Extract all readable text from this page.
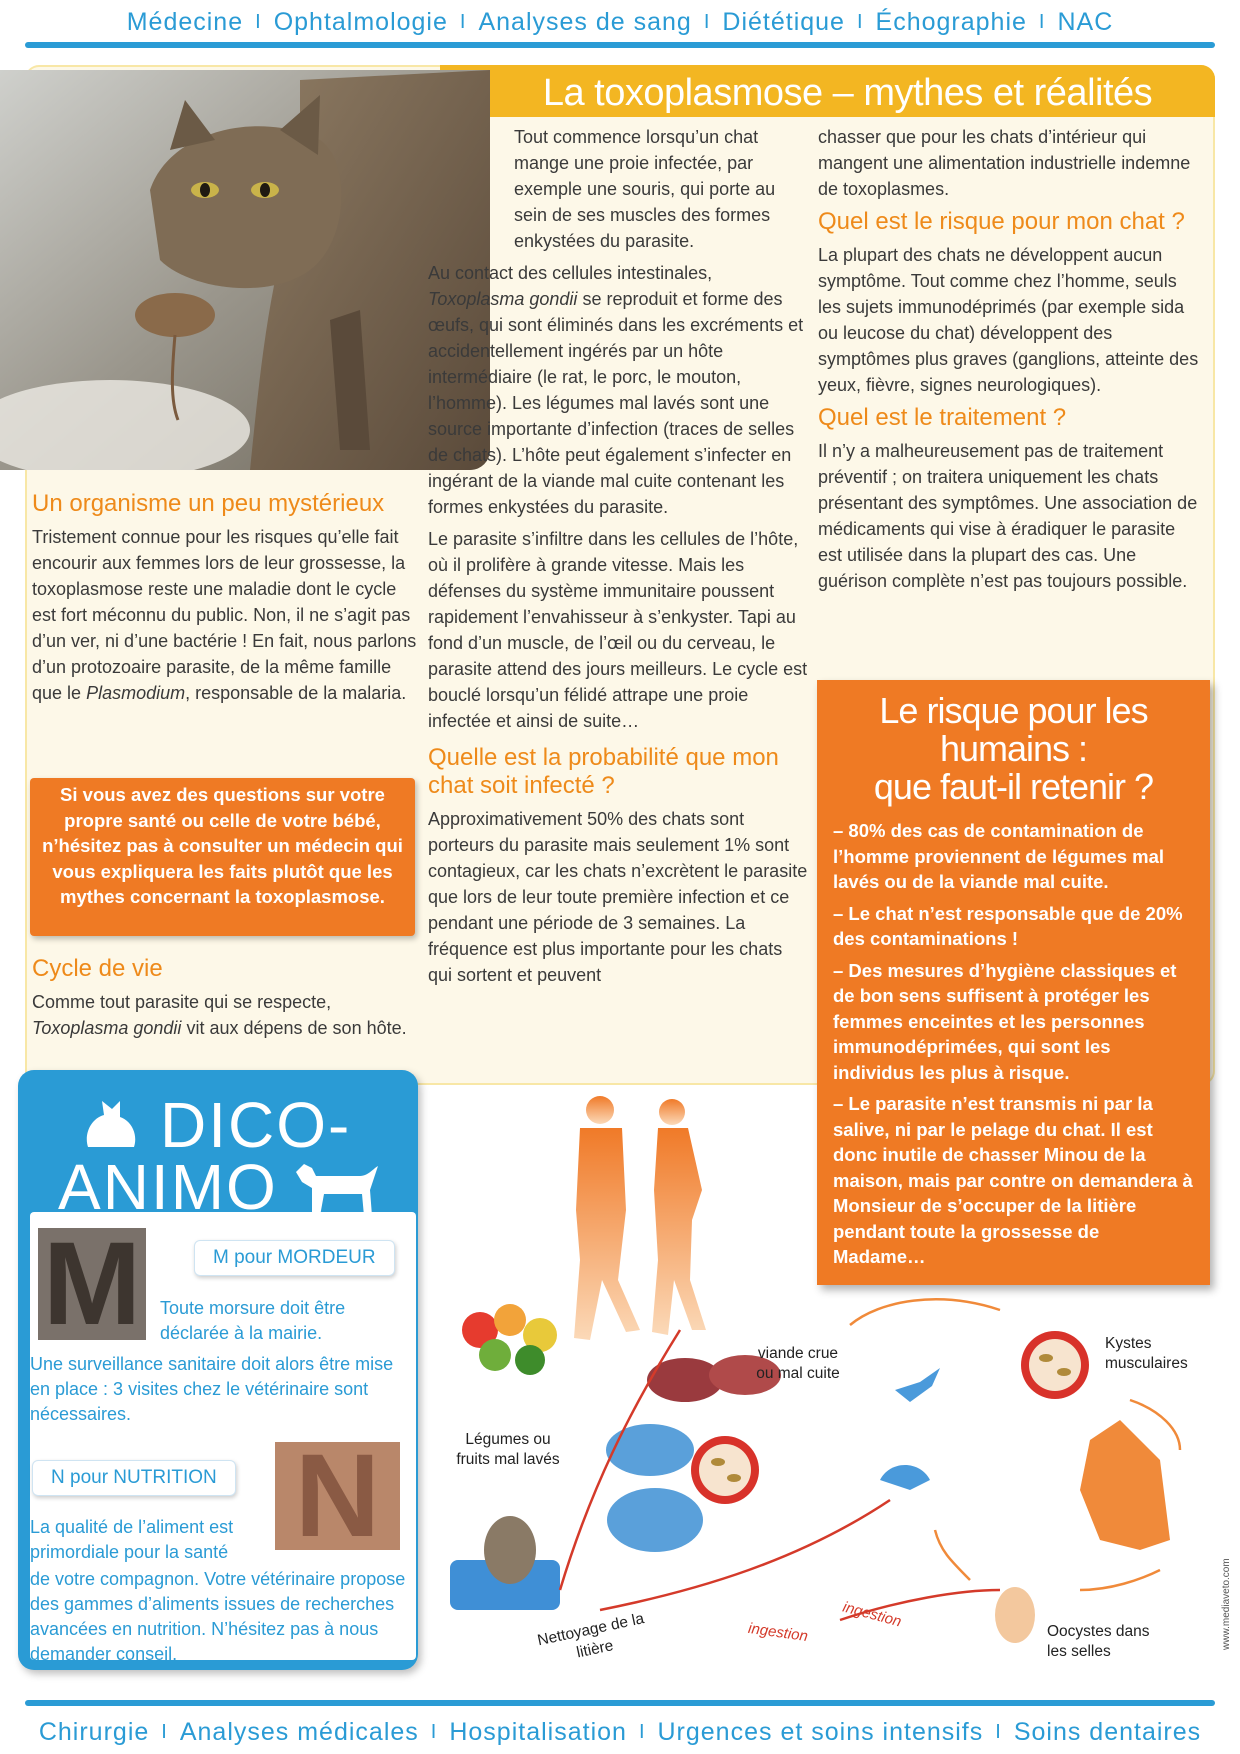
Médecine I Ophtalmologie I Analyses de sang I Diététique I Échographie I NAC
La toxoplasmose – mythes et réalités
Un organisme un peu mystérieux

Tristement connue pour les risques qu’elle fait encourir aux femmes lors de leur grossesse, la toxoplasmose reste une maladie dont le cycle est fort méconnu du public. Non, il ne s’agit pas d’un ver, ni d’une bactérie ! En fait, nous parlons d’un protozoaire parasite, de la même famille que le Plasmodium, responsable de la malaria.

Si vous avez des questions sur votre propre santé ou celle de votre bébé, n’hésitez pas à consulter un médecin qui vous expliquera les faits plutôt que les mythes concernant la toxoplasmose.
Cycle de vie

Comme tout parasite qui se respecte, Toxoplasma gondii vit aux dépens de son hôte.

Tout commence lorsqu’un chat mange une proie infectée, par exemple une souris, qui porte au sein de ses muscles des formes enkystées du parasite.

Au contact des cellules intestinales, Toxoplasma gondii se reproduit et forme des œufs, qui sont éliminés dans les excréments et accidentellement ingérés par un hôte intermédiaire (le rat, le porc, le mouton, l’homme). Les légumes mal lavés sont une source importante d’infection (traces de selles de chats). L’hôte peut également s’infecter en ingérant de la viande mal cuite contenant les formes enkystées du parasite.

Le parasite s’infiltre dans les cellules de l’hôte, où il prolifère à grande vitesse. Mais les défenses du système immunitaire poussent rapidement l’envahisseur à s’enkyster. Tapi au fond d’un muscle, de l’œil ou du cerveau, le parasite attend des jours meilleurs. Le cycle est bouclé lorsqu’un félidé attrape une proie infectée et ainsi de suite…

Quelle est la probabilité que mon chat soit infecté ?

Approximativement 50% des chats sont porteurs du parasite mais seulement 1% sont contagieux, car les chats n’excrètent le parasite que lors de leur toute première infection et ce pendant une période de 3 semaines. La fréquence est plus importante pour les chats qui sortent et peuvent

chasser que pour les chats d’intérieur qui mangent une alimentation industrielle indemne de toxoplasmes.

Quel est le risque pour mon chat ?

La plupart des chats ne développent aucun symptôme. Tout comme chez l’homme, seuls les sujets immunodéprimés (par exemple sida ou leucose du chat) développent des symptômes plus graves (ganglions, atteinte des yeux, fièvre, signes neurologiques).

Quel est le traitement ?

Il n’y a malheureusement pas de traitement préventif ; on traitera uniquement les chats présentant des symptômes. Une association de médicaments qui vise à éradiquer le parasite est utilisée dans la plupart des cas. Une guérison complète n’est pas toujours possible.

Le risque pour les humains :
que faut-il retenir ?
– 80% des cas de contamination de l’homme proviennent de légumes mal lavés ou de la viande mal cuite.
– Le chat n’est responsable que de 20% des contaminations !
– Des mesures d’hygiène classiques et de bon sens suffisent à protéger les femmes enceintes et les personnes immunodéprimées, qui sont les individus les plus à risque.
– Le parasite n’est transmis ni par la salive, ni par le pelage du chat. Il est donc inutile de chasser Minou de la maison, mais par contre on demandera à Monsieur de s’occuper de la litière pendant toute la grossesse de Madame…
DICO-
ANIMO
M	M pour MORDEUR

Toute morsure doit être déclarée à la mairie.

Une surveillance sanitaire doit alors être mise en place : 3 visites chez le vétérinaire sont nécessaires.

N pour NUTRITION N

La qualité de l’aliment est primordiale pour la santé

de votre compagnon. Votre vétérinaire propose des gammes d’aliments issues de recherches avancées en nutrition. N’hésitez pas à nous demander conseil.

Légumes ou fruits mal lavés
viande crue ou mal cuite
Kystes musculaires
Oocystes dans les selles
Nettoyage de la litière
ingestion
ingestion	www.mediaveto.com
Chirurgie I Analyses médicales I Hospitalisation I Urgences et soins intensifs I Soins dentaires
